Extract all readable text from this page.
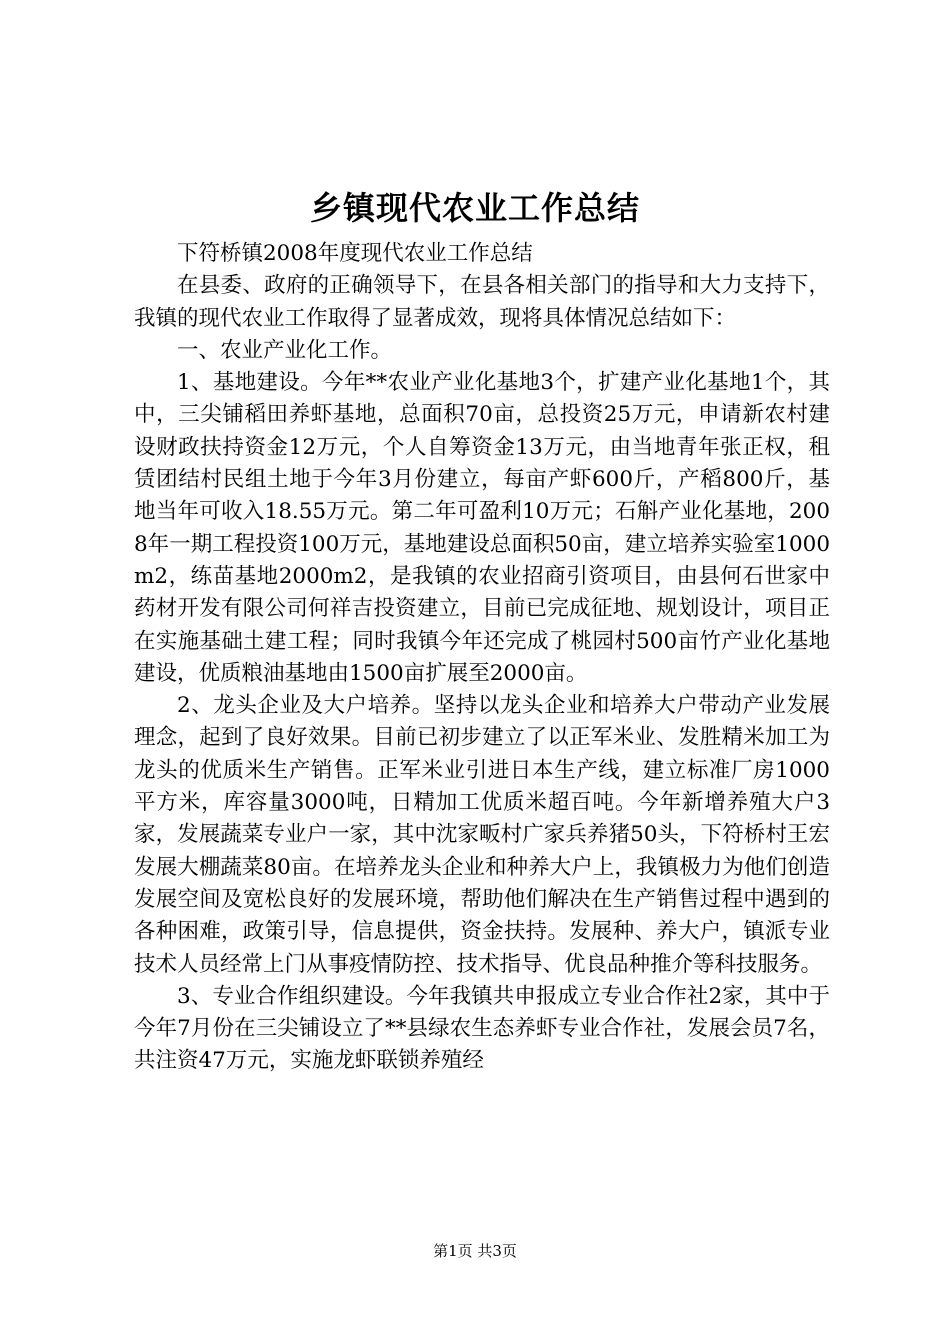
乡镇现代农业工作总结

下符桥镇2008年度现代农业工作总结

在县委、政府的正确领导下，在县各相关部门的指导和大力支持下，我镇的现代农业工作取得了显著成效，现将具体情况总结如下：

一、农业产业化工作。

1、基地建设。今年**农业产业化基地3个，扩建产业化基地1个，其中，三尖铺稻田养虾基地，总面积70亩，总投资25万元，申请新农村建设财政扶持资金12万元，个人自筹资金13万元，由当地青年张正权，租赁团结村民组土地于今年3月份建立，每亩产虾600斤，产稻800斤，基地当年可收入18.55万元。第二年可盈利10万元；石斛产业化基地，2008年一期工程投资100万元，基地建设总面积50亩，建立培养实验室1000m2，练苗基地2000m2，是我镇的农业招商引资项目，由县何石世家中药材开发有限公司何祥吉投资建立，目前已完成征地、规划设计，项目正在实施基础土建工程；同时我镇今年还完成了桃园村500亩竹产业化基地建设，优质粮油基地由1500亩扩展至2000亩。

2、龙头企业及大户培养。坚持以龙头企业和培养大户带动产业发展理念，起到了良好效果。目前已初步建立了以正军米业、发胜精米加工为龙头的优质米生产销售。正军米业引进日本生产线，建立标准厂房1000平方米，库容量3000吨，日精加工优质米超百吨。今年新增养殖大户3家，发展蔬菜专业户一家，其中沈家畈村广家兵养猪50头，下符桥村王宏发展大棚蔬菜80亩。在培养龙头企业和种养大户上，我镇极力为他们创造发展空间及宽松良好的发展环境，帮助他们解决在生产销售过程中遇到的各种困难，政策引导，信息提供，资金扶持。发展种、养大户，镇派专业技术人员经常上门从事疫情防控、技术指导、优良品种推介等科技服务。

3、专业合作组织建设。今年我镇共申报成立专业合作社2家，其中于今年7月份在三尖铺设立了**县绿农生态养虾专业合作社，发展会员7名，共注资47万元，实施龙虾联锁养殖经

第1页 共3页
